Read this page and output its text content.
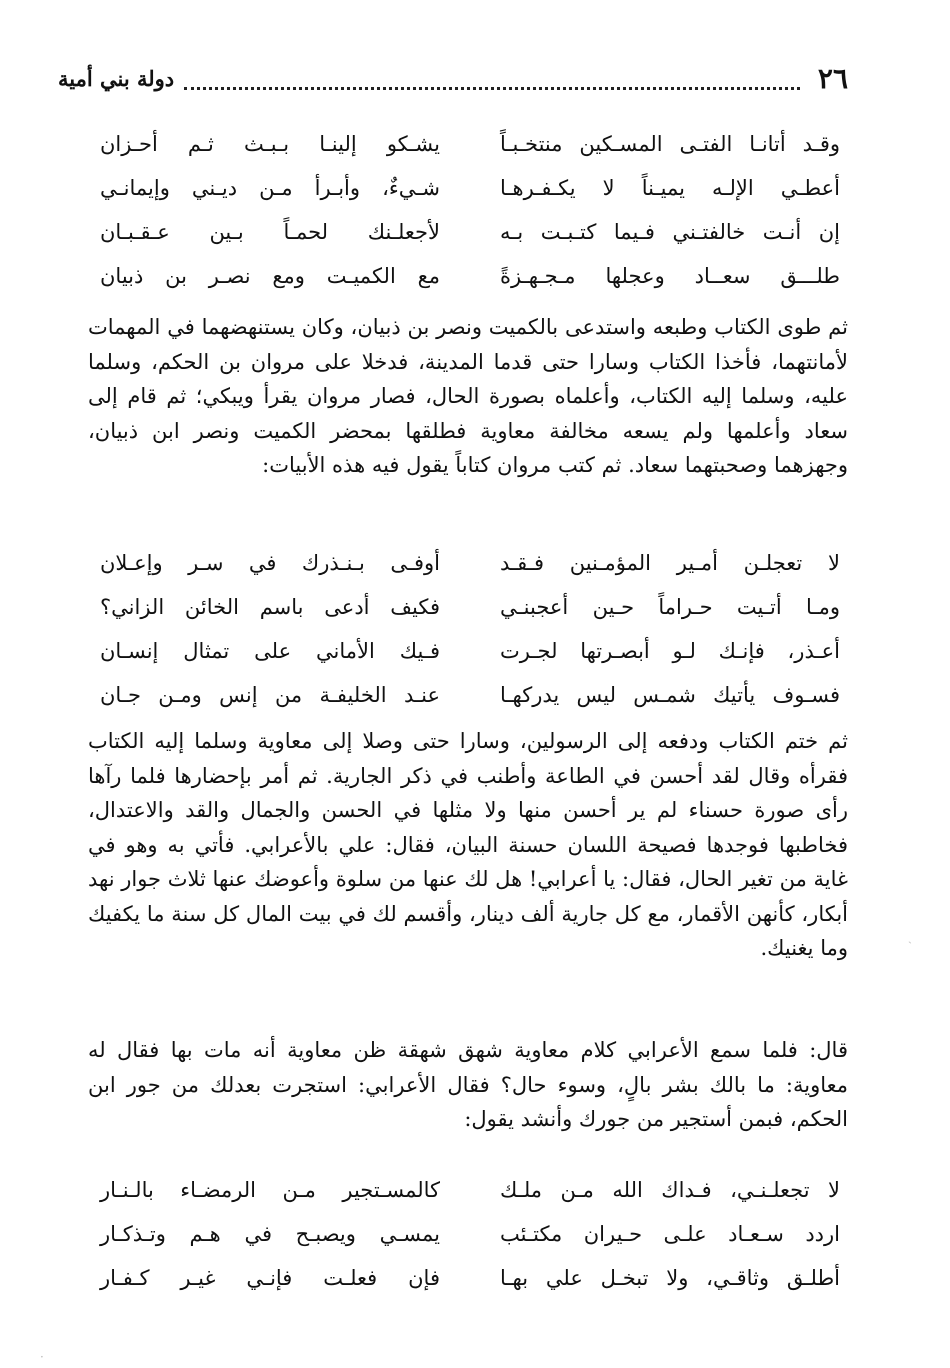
٢٦
دولة بني أمية
وقـد أتانـا الفتـى المسـكين منتخـبـاً
يشـكو إلينـا بـبـث ثـم أحـزان
أعطـي الإلـه يميـناً لا يكـفـرهـا
شـيءٌ، وأبـرأ مـن ديـني وإيمانـي
إن أنـت خالفتـني فـيما كتـبـت بـه
لأجعلـنك لحمـاً بـين عـقـبـان
طلـــق سعــاد وعجلها مـجـهـزةً
مع الكميـت ومع نصـر بن ذبيان

ثم طوى الكتاب وطبعه واستدعى بالكميت ونصر بن ذبيان، وكان يستنهضهما في المهمات لأمانتهما، فأخذا الكتاب وسارا حتى قدما المدينة، فدخلا على مروان بن الحكم، وسلما عليه، وسلما إليه الكتاب، وأعلماه بصورة الحال، فصار مروان يقرأ ويبكي؛ ثم قام إلى سعاد وأعلمها ولم يسعه مخالفة معاوية فطلقها بمحضر الكميت ونصر ابن ذبيان، وجهزهما وصحبتهما سعاد. ثم كتب مروان كتاباً يقول فيه هذه الأبيات:

لا تعجلـن أمـير المؤمـنين فـقـد
أوفـى بـنـذرك في سـر وإعـلان
ومـا أتـيت حـراماً حـين أعجبنـي
فكيف أدعى باسم الخائن الزاني؟
أعـذر، فإنـك لـو أبصـرتها لجـرت
فـيك الأماني على تمثال إنسـان
فسـوف يأتيك شمـس ليس يدركهـا
عنـد الخليفـة من إنس ومـن جـان

ثم ختم الكتاب ودفعه إلى الرسولين، وسارا حتى وصلا إلى معاوية وسلما إليه الكتاب فقرأه وقال لقد أحسن في الطاعة وأطنب في ذكر الجارية. ثم أمر بإحضارها فلما رآها رأى صورة حسناء لم ير أحسن منها ولا مثلها في الحسن والجمال والقد والاعتدال، فخاطبها فوجدها فصيحة اللسان حسنة البيان، فقال: علي بالأعرابي. فأتي به وهو في غاية من تغير الحال، فقال: يا أعرابي! هل لك عنها من سلوة وأعوضك عنها ثلاث جوار نهد أبكار، كأنهن الأقمار، مع كل جارية ألف دينار، وأقسم لك في بيت المال كل سنة ما يكفيك وما يغنيك.

قال: فلما سمع الأعرابي كلام معاوية شهق شهقة ظن معاوية أنه مات بها فقال له معاوية: ما بالك بشر بالٍ، وسوء حال؟ فقال الأعرابي: استجرت بعدلك من جور ابن الحكم، فبمن أستجير من جورك وأنشد يقول:

لا تجعلـنـي، فـداك الله مـن ملـك
كالمسـتجير مـن الرمضـاء بالـنـار
اردد سـعـاد علـى حـيران مكتـئب
يمسـي ويصبـح في هـم وتـذكـار
أطلـق وثاقـي، ولا تبخـل علي بهـا
فإن فعلـت فإنـي غيـر كـفـار
ˏ
·
